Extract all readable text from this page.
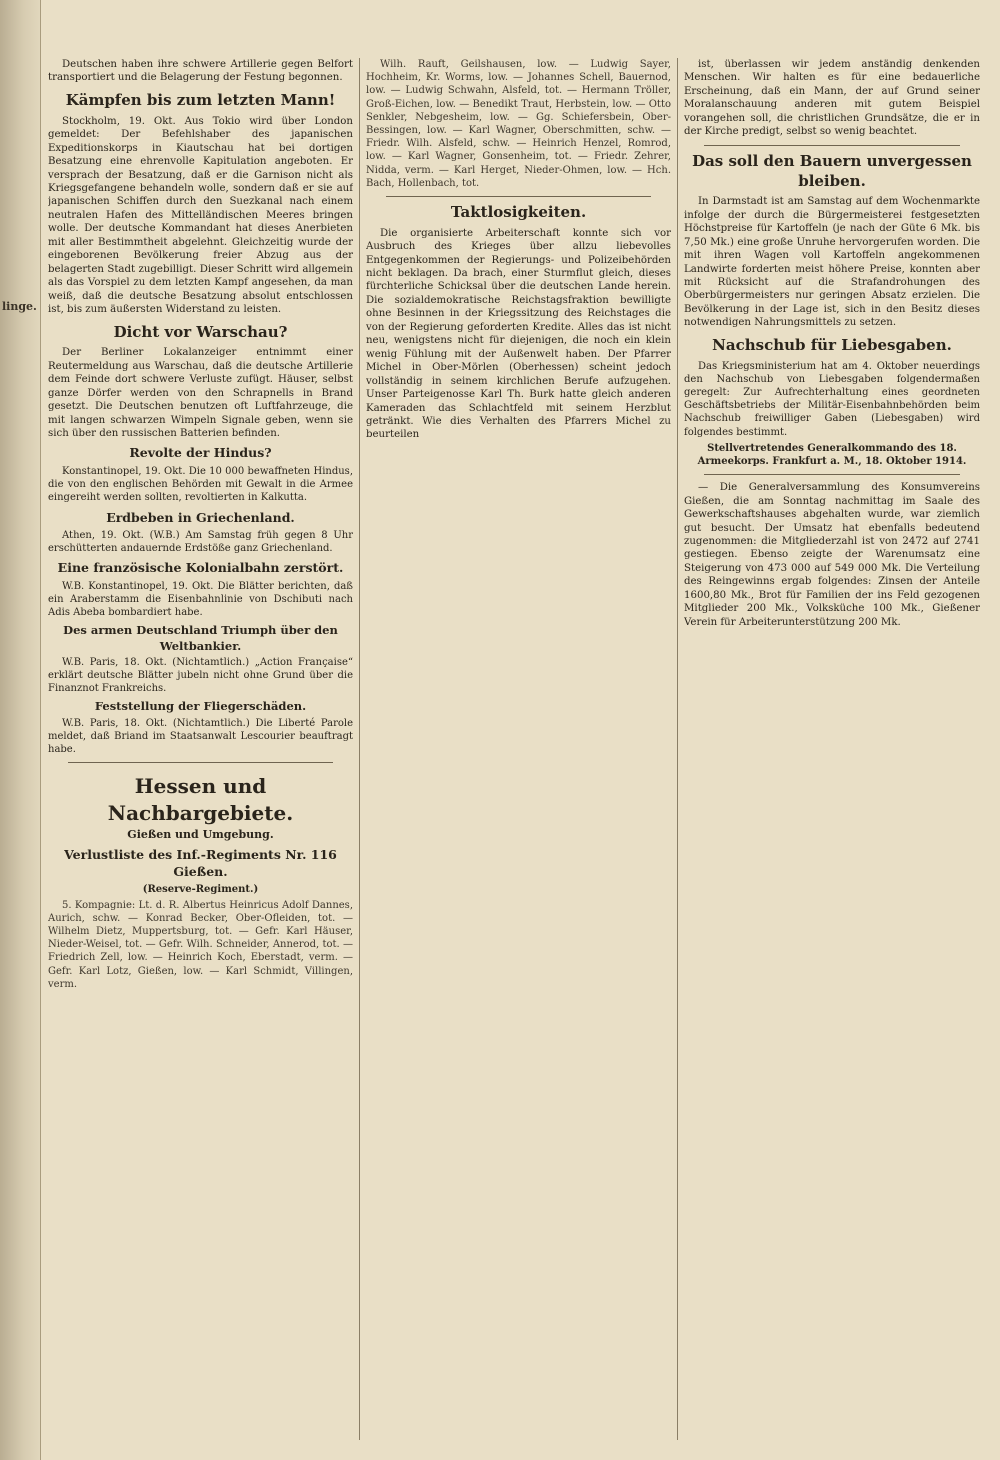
linge.

Deutschen haben ihre schwere Artillerie gegen Belfort transportiert und die Belagerung der Festung begonnen.

Kämpfen bis zum letzten Mann!

Stockholm, 19. Okt. Aus Tokio wird über London gemeldet: Der Befehlshaber des japanischen Expeditionskorps in Kiautschau hat bei dortigen Besatzung eine ehrenvolle Kapitulation angeboten. Er versprach der Besatzung, daß er die Garnison nicht als Kriegsgefangene behandeln wolle, sondern daß er sie auf japanischen Schiffen durch den Suezkanal nach einem neutralen Hafen des Mittelländischen Meeres bringen wolle. Der deutsche Kommandant hat dieses Anerbieten mit aller Bestimmtheit abgelehnt. Gleichzeitig wurde der eingeborenen Bevölkerung freier Abzug aus der belagerten Stadt zugebilligt. Dieser Schritt wird allgemein als das Vorspiel zu dem letzten Kampf angesehen, da man weiß, daß die deutsche Besatzung absolut entschlossen ist, bis zum äußersten Widerstand zu leisten.

Dicht vor Warschau?

Der Berliner Lokalanzeiger entnimmt einer Reutermeldung aus Warschau, daß die deutsche Artillerie dem Feinde dort schwere Verluste zufügt. Häuser, selbst ganze Dörfer werden von den Schrapnells in Brand gesetzt. Die Deutschen benutzen oft Luftfahrzeuge, die mit langen schwarzen Wimpeln Signale geben, wenn sie sich über den russischen Batterien befinden.

Revolte der Hindus?

Konstantinopel, 19. Okt. Die 10 000 bewaffneten Hindus, die von den englischen Behörden mit Gewalt in die Armee eingereiht werden sollten, revoltierten in Kalkutta.

Erdbeben in Griechenland.

Athen, 19. Okt. (W.B.) Am Samstag früh gegen 8 Uhr erschütterten andauernde Erdstöße ganz Griechenland.

Eine französische Kolonialbahn zerstört.

W.B. Konstantinopel, 19. Okt. Die Blätter berichten, daß ein Araberstamm die Eisenbahnlinie von Dschibuti nach Adis Abeba bombardiert habe.

Des armen Deutschland Triumph über den Weltbankier.

W.B. Paris, 18. Okt. (Nichtamtlich.) „Action Française“ erklärt deutsche Blätter jubeln nicht ohne Grund über die Finanznot Frankreichs.

Feststellung der Fliegerschäden.

W.B. Paris, 18. Okt. (Nichtamtlich.) Die Liberté Parole meldet, daß Briand im Staatsanwalt Lescourier beauftragt habe.

Hessen und Nachbargebiete.
Gießen und Umgebung.
Verlustliste des Inf.-Regiments Nr. 116 Gießen.
(Reserve-Regiment.)

5. Kompagnie: Lt. d. R. Albertus Heinricus Adolf Dannes, Aurich, schw. — Konrad Becker, Ober-Ofleiden, tot. — Wilhelm Dietz, Muppertsburg, tot. — Gefr. Karl Häuser, Nieder-Weisel, tot. — Gefr. Wilh. Schneider, Annerod, tot. — Friedrich Zell, low. — Heinrich Koch, Eberstadt, verm. — Gefr. Karl Lotz, Gießen, low. — Karl Schmidt, Villingen, verm.

Wilh. Rauft, Geilshausen, low. — Ludwig Sayer, Hochheim, Kr. Worms, low. — Johannes Schell, Bauernod, low. — Ludwig Schwahn, Alsfeld, tot. — Hermann Tröller, Groß-Eichen, low. — Benedikt Traut, Herbstein, low. — Otto Senkler, Nebgesheim, low. — Gg. Schiefersbein, Ober-Bessingen, low. — Karl Wagner, Oberschmitten, schw. — Friedr. Wilh. Alsfeld, schw. — Heinrich Henzel, Romrod, low. — Karl Wagner, Gonsenheim, tot. — Friedr. Zehrer, Nidda, verm. — Karl Herget, Nieder-Ohmen, low. — Hch. Bach, Hollenbach, tot.

Taktlosigkeiten.

Die organisierte Arbeiterschaft konnte sich vor Ausbruch des Krieges über allzu liebevolles Entgegenkommen der Regierungs- und Polizeibehörden nicht beklagen. Da brach, einer Sturmflut gleich, dieses fürchterliche Schicksal über die deutschen Lande herein. Die sozialdemokratische Reichstagsfraktion bewilligte ohne Besinnen in der Kriegssitzung des Reichstages die von der Regierung geforderten Kredite. Alles das ist nicht neu, wenigstens nicht für diejenigen, die noch ein klein wenig Fühlung mit der Außenwelt haben. Der Pfarrer Michel in Ober-Mörlen (Oberhessen) scheint jedoch vollständig in seinem kirchlichen Berufe aufzugehen. Unser Parteigenosse Karl Th. Burk hatte gleich anderen Kameraden das Schlachtfeld mit seinem Herzblut getränkt. Wie dies Verhalten des Pfarrers Michel zu beurteilen

ist, überlassen wir jedem anständig denkenden Menschen. Wir halten es für eine bedauerliche Erscheinung, daß ein Mann, der auf Grund seiner Moralanschauung anderen mit gutem Beispiel vorangehen soll, die christlichen Grundsätze, die er in der Kirche predigt, selbst so wenig beachtet.

Das soll den Bauern unvergessen bleiben.

In Darmstadt ist am Samstag auf dem Wochenmarkte infolge der durch die Bürgermeisterei festgesetzten Höchstpreise für Kartoffeln (je nach der Güte 6 Mk. bis 7,50 Mk.) eine große Unruhe hervorgerufen worden. Die mit ihren Wagen voll Kartoffeln angekommenen Landwirte forderten meist höhere Preise, konnten aber mit Rücksicht auf die Strafandrohungen des Oberbürgermeisters nur geringen Absatz erzielen. Die Bevölkerung in der Lage ist, sich in den Besitz dieses notwendigen Nahrungsmittels zu setzen.

Nachschub für Liebesgaben.

Das Kriegsministerium hat am 4. Oktober neuerdings den Nachschub von Liebesgaben folgendermaßen geregelt: Zur Aufrechterhaltung eines geordneten Geschäftsbetriebs der Militär-Eisenbahnbehörden beim Nachschub freiwilliger Gaben (Liebesgaben) wird folgendes bestimmt.

Stellvertretendes Generalkommando des 18. Armeekorps. Frankfurt a. M., 18. Oktober 1914.

— Die Generalversammlung des Konsumvereins Gießen, die am Sonntag nachmittag im Saale des Gewerkschaftshauses abgehalten wurde, war ziemlich gut besucht. Der Umsatz hat ebenfalls bedeutend zugenommen: die Mitgliederzahl ist von 2472 auf 2741 gestiegen. Ebenso zeigte der Warenumsatz eine Steigerung von 473 000 auf 549 000 Mk. Die Verteilung des Reingewinns ergab folgendes: Zinsen der Anteile 1600,80 Mk., Brot für Familien der ins Feld gezogenen Mitglieder 200 Mk., Volksküche 100 Mk., Gießener Verein für Arbeiterunterstützung 200 Mk.
